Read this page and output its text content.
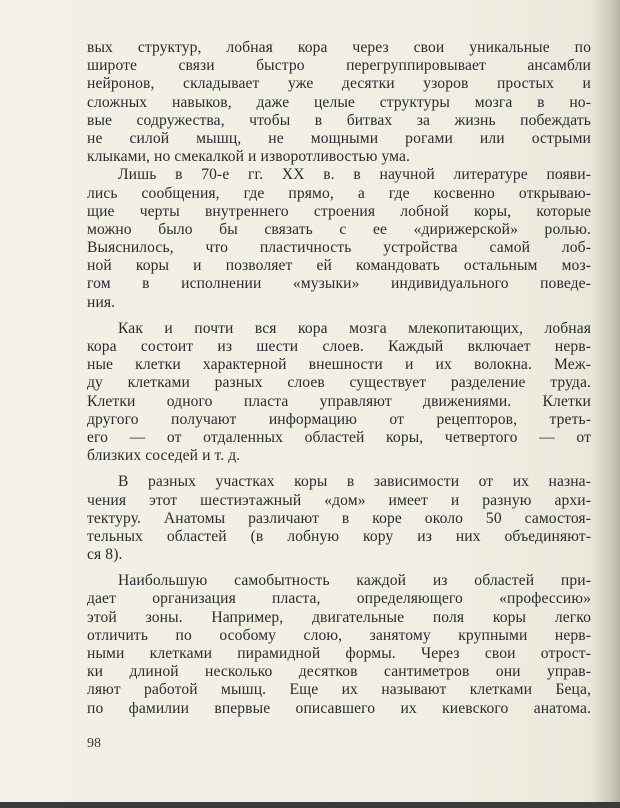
вых структур, лобная кора через свои уникальные по
широте связи быстро перегруппировывает ансамбли
нейронов, складывает уже десятки узоров простых и
сложных навыков, даже целые структуры мозга в но-
вые содружества, чтобы в битвах за жизнь побеждать
не силой мышц, не мощными рогами или острыми
клыками, но смекалкой и изворотливостью ума.

Лишь в 70-е гг. XX в. в научной литературе появи-
лись сообщения, где прямо, а где косвенно открываю-
щие черты внутреннего строения лобной коры, которые
можно было бы связать с ее «дирижерской» ролью.
Выяснилось, что пластичность устройства самой лоб-
ной коры и позволяет ей командовать остальным моз-
гом в исполнении «музыки» индивидуального поведе-
ния.

Как и почти вся кора мозга млекопитающих, лобная
кора состоит из шести слоев. Каждый включает нерв-
ные клетки характерной внешности и их волокна. Меж-
ду клетками разных слоев существует разделение труда.
Клетки одного пласта управляют движениями. Клетки
другого получают информацию от рецепторов, треть-
его — от отдаленных областей коры, четвертого — от
близких соседей и т. д.

В разных участках коры в зависимости от их назна-
чения этот шестиэтажный «дом» имеет и разную архи-
тектуру. Анатомы различают в коре около 50 самостоя-
тельных областей (в лобную кору из них объединяют-
ся 8).

Наибольшую самобытность каждой из областей при-
дает организация пласта, определяющего «профессию»
этой зоны. Например, двигательные поля коры легко
отличить по особому слою, занятому крупными нерв-
ными клетками пирамидной формы. Через свои отрост-
ки длиной несколько десятков сантиметров они управ-
ляют работой мышц. Еще их называют клетками Беца,
по фамилии впервые описавшего их киевского анатома.

98
